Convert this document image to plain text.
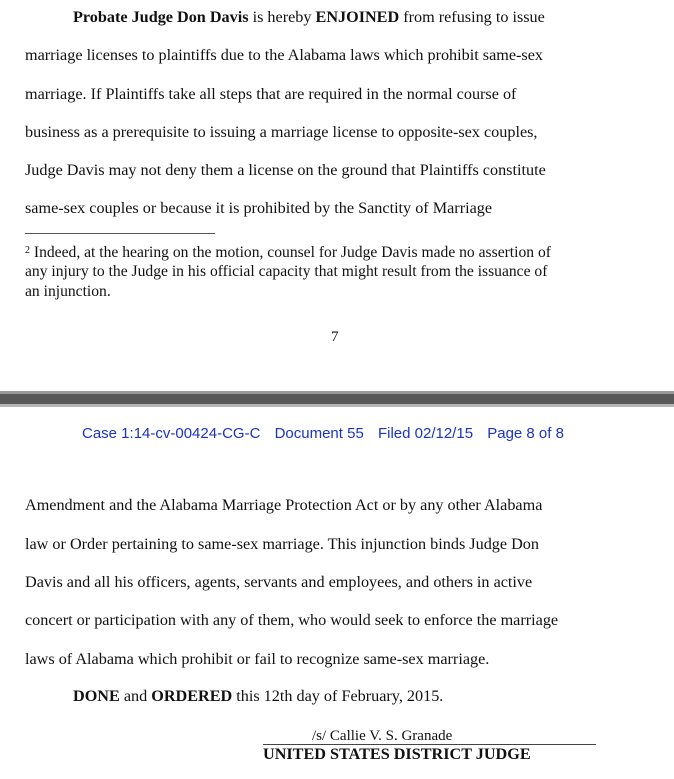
Probate Judge Don Davis is hereby ENJOINED from refusing to issue
marriage licenses to plaintiffs due to the Alabama laws which prohibit same-sex
marriage. If Plaintiffs take all steps that are required in the normal course of
business as a prerequisite to issuing a marriage license to opposite-sex couples,
Judge Davis may not deny them a license on the ground that Plaintiffs constitute
same-sex couples or because it is prohibited by the Sanctity of Marriage
$^2$ Indeed, at the hearing on the motion, counsel for Judge Davis made no assertion of
any injury to the Judge in his official capacity that might result from the issuance of
an injunction.
7
Case 1:14-cv-00424-CG-C Document 55 Filed 02/12/15 Page 8 of 8
Amendment and the Alabama Marriage Protection Act or by any other Alabama
law or Order pertaining to same-sex marriage. This injunction binds Judge Don
Davis and all his officers, agents, servants and employees, and others in active
concert or participation with any of them, who would seek to enforce the marriage
laws of Alabama which prohibit or fail to recognize same-sex marriage.
DONE and ORDERED this 12th day of February, 2015.
/s/ Callie V. S. Granade
UNITED STATES DISTRICT JUDGE
